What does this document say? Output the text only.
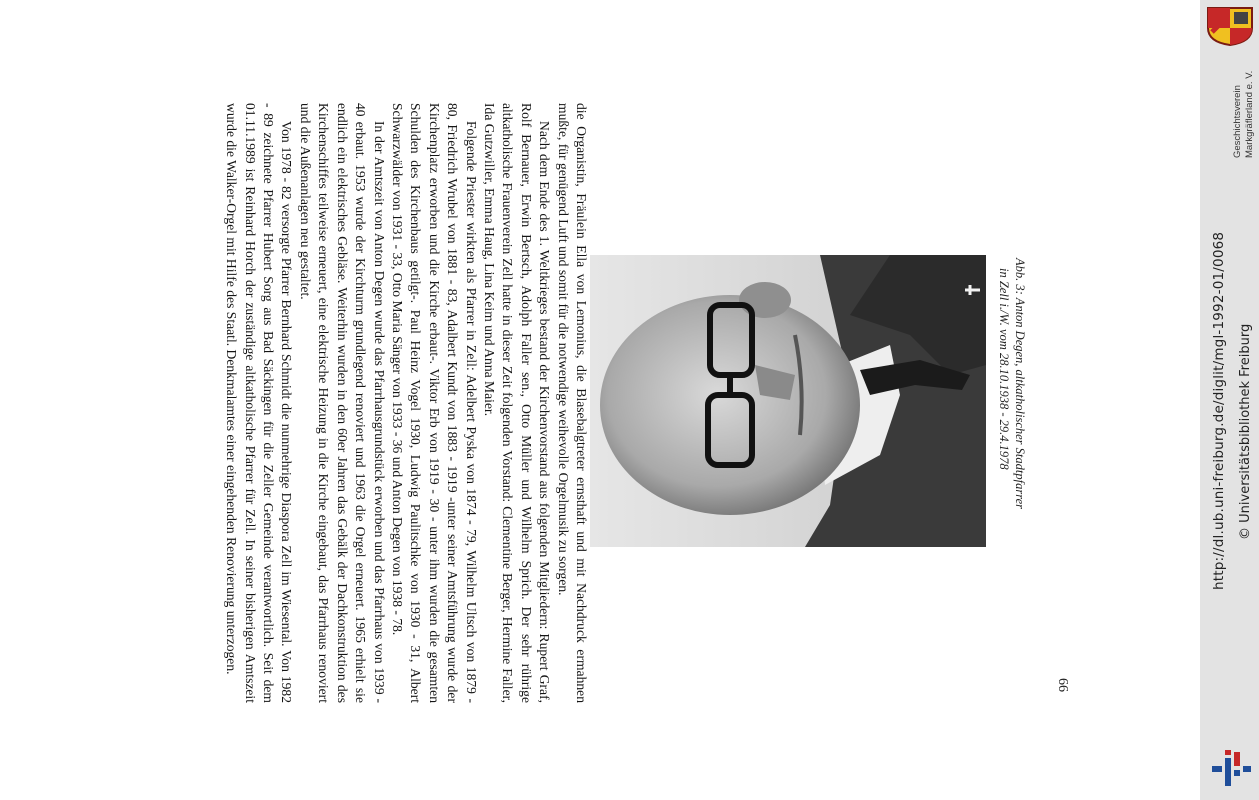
die Organistin, Fräulein Ella von Lemonius, die Blasebalgtreter ernsthaft und mit Nachdruck ermahnen mußte, für genügend Luft und somit für die notwendige weihevolle Orgelmusik zu sorgen.

Nach dem Ende des 1. Weltkrieges bestand der Kirchenvorstand aus folgenden Mitgliedern: Rupert Graf, Rolf Bernauer, Erwin Bertsch, Adolph Faller sen., Otto Müller und Wilhelm Sprich. Der sehr rührige altkatholische Frauenverein Zell hatte in dieser Zeit folgenden Vorstand: Clementine Berger, Hermine Faller, Ida Gutzwiller, Emma Haug, Lina Keim und Anna Maier.

Folgende Priester wirkten als Pfarrer in Zell: Adelbert Pyska von 1874 - 79, Wilhelm Ultsch von 1879 - 80, Friedrich Wrubel von 1881 - 83, Adalbert Kundt von 1883 - 1919 -unter seiner Amtsführung wurde der Kirchenplatz erworben und die Kirche erbaut-. Viktor Erb von 1919 - 30 - unter ihm wurden die gesamten Schulden des Kirchenbaus getilgt-. Paul Heinz Vogel 1930, Ludwig Paulitschke von 1930 - 31, Albert Schwarzwälder von 1931 - 33, Otto Maria Sänger von 1933 - 36 und Anton Degen von 1938 - 78.

In der Amtszeit von Anton Degen wurde das Pfarrhausgrundstück erworben und das Pfarrhaus von 1939 - 40 erbaut. 1953 wurde der Kirchturm grundlegend renoviert und 1963 die Orgel erneuert. 1965 erhielt sie endlich ein elektrisches Gebläse. Weiterhin wurden in den 60er Jahren das Gebälk der Dachkonstruktion des Kirchenschiffes teilweise erneuert, eine elektrische Heizung in die Kirche eingebaut, das Pfarrhaus renoviert und die Außenanlagen neu gestaltet.

Von 1978 - 82 versorgte Pfarrer Bernhard Schmidt die nunmehrige Diaspora Zell im Wiesental. Von 1982 - 89 zeichnete Pfarrer Hubert Sorg aus Bad Säckingen für die Zeller Gemeinde verantwortlich. Seit dem 01.11.1989 ist Reinhard Horch der zuständige altkatholische Pfarrer für Zell. In seiner bisherigen Amtszeit wurde die Walker-Orgel mit Hilfe des Staatl. Denkmalamtes einer eingehenden Renovierung unterzogen.	Abb. 3: Anton Degen, altkatholischer Stadtpfarrer
in Zell i./W. vom 28.10.1938 - 29.4.1978
66
Geschichtsverein Markgräflerland e. V.
http://dl.ub.uni-freiburg.de/diglit/mgl-1992-01/0068 © Universitätsbibliothek Freiburg
